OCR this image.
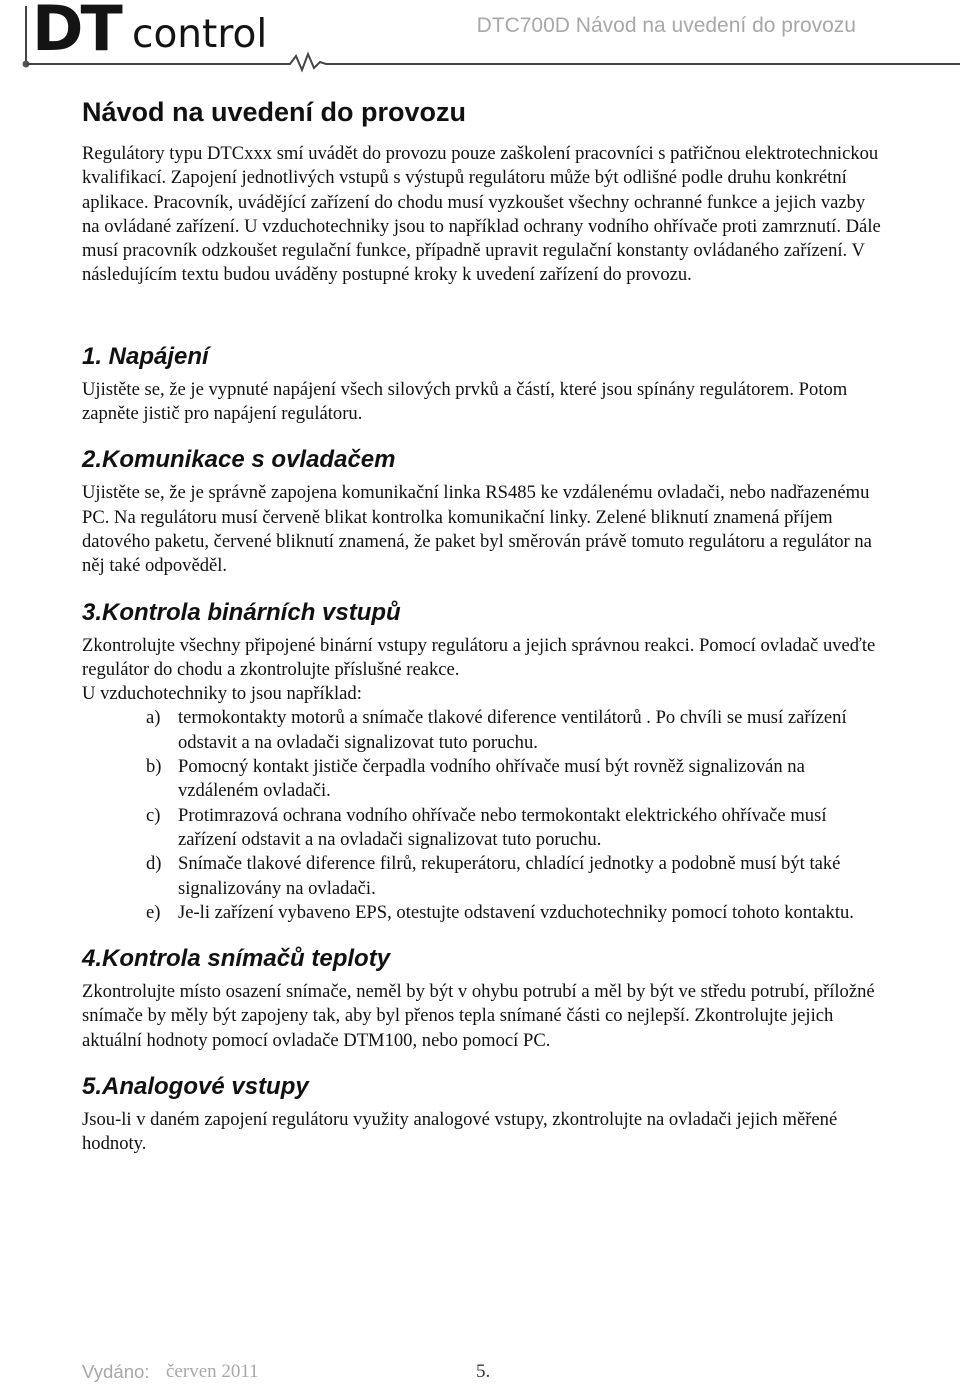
DT control	DTC700D Návod na uvedení do provozu
Návod na uvedení do provozu

Regulátory typu DTCxxx smí uvádět do provozu pouze zaškolení pracovníci s patřičnou elektrotechnickou kvalifikací. Zapojení jednotlivých vstupů s výstupů regulátoru může být odlišné podle druhu konkrétní aplikace. Pracovník, uvádějící zařízení do chodu musí vyzkoušet všechny ochranné funkce a jejich vazby na ovládané zařízení. U vzduchotechniky jsou to například ochrany vodního ohřívače proti zamrznutí. Dále musí pracovník odzkoušet regulační funkce, případně upravit regulační konstanty ovládaného zařízení. V následujícím textu budou uváděny postupné kroky k uvedení zařízení do provozu.

1. Napájení

Ujistěte se, že je vypnuté napájení všech silových prvků a částí, které jsou spínány regulátorem. Potom zapněte jistič pro napájení regulátoru.

2.Komunikace s ovladačem

Ujistěte se, že je správně zapojena komunikační linka RS485 ke vzdálenému ovladači, nebo nadřazenému PC. Na regulátoru musí červeně blikat kontrolka komunikační linky. Zelené bliknutí znamená příjem datového paketu, červené bliknutí znamená, že paket byl směrován právě tomuto regulátoru a regulátor na něj také odpověděl.

3.Kontrola binárních vstupů

Zkontrolujte všechny připojené binární vstupy regulátoru a jejich správnou reakci. Pomocí ovladač uveďte regulátor do chodu a zkontrolujte příslušné reakce.

U vzduchotechniky to jsou například:

a) termokontakty motorů a snímače tlakové diference ventilátorů . Po chvíli se musí zařízení odstavit a na ovladači signalizovat tuto poruchu.
b) Pomocný kontakt jističe čerpadla vodního ohřívače musí být rovněž signalizován na vzdáleném ovladači.
c) Protimrazová ochrana vodního ohřívače nebo termokontakt elektrického ohřívače musí zařízení odstavit a na ovladači signalizovat tuto poruchu.
d) Snímače tlakové diference filrů, rekuperátoru, chladící jednotky a podobně musí být také signalizovány na ovladači.
e) Je-li zařízení vybaveno EPS, otestujte odstavení vzduchotechniky pomocí tohoto kontaktu.
4.Kontrola snímačů teploty

Zkontrolujte místo osazení snímače, neměl by být v ohybu potrubí a měl by být ve středu potrubí, příložné snímače by měly být zapojeny tak, aby byl přenos tepla snímané části co nejlepší. Zkontrolujte jejich aktuální hodnoty pomocí ovladače DTM100, nebo pomocí PC.

5.Analogové vstupy

Jsou-li v daném zapojení regulátoru využity analogové vstupy, zkontrolujte na ovladači jejich měřené hodnoty.

Vydáno: červen 2011	5.
